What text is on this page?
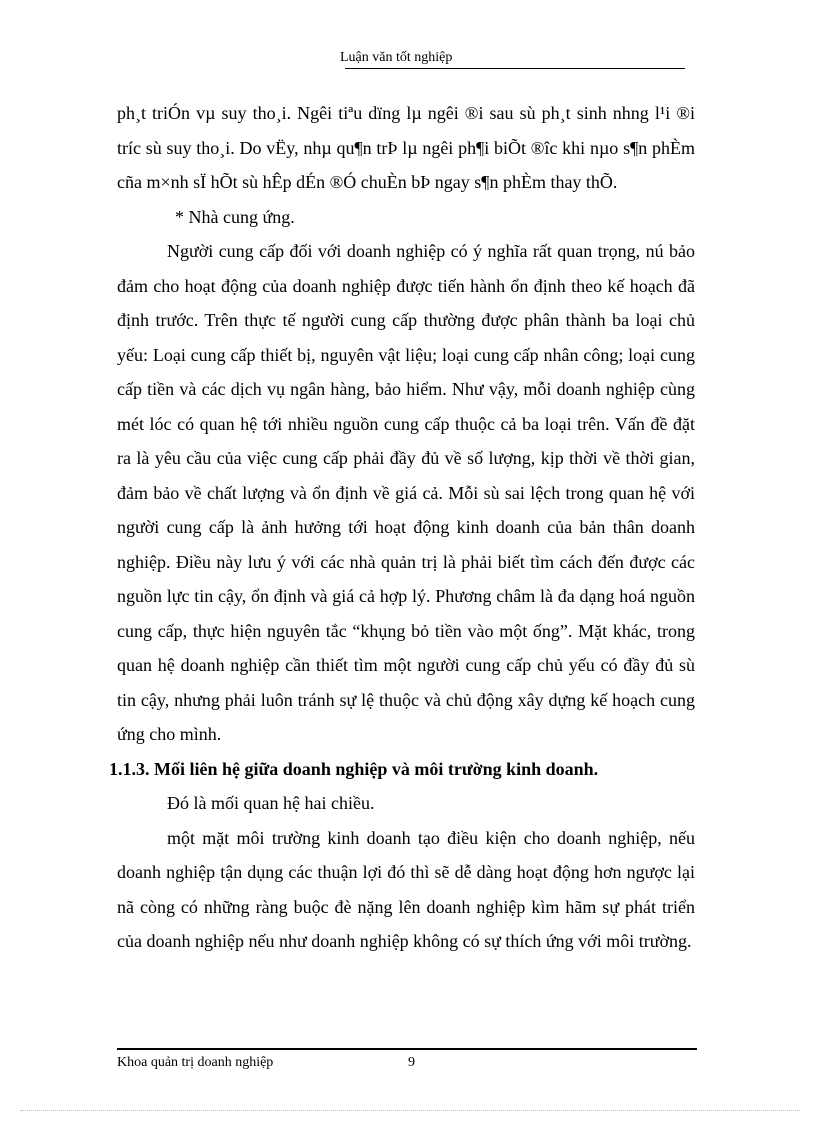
Luận văn tốt nghiệp

ph¸t triÓn vµ suy tho¸i. Ngêi tiªu dïng lµ ngêi ®i sau sù ph¸t sinh nhng l¹i ®i tríc sù suy tho¸i. Do vËy, nhµ qu¶n trÞ lµ ngêi ph¶i biÕt ®îc khi nµo s¶n phÈm cña m×nh sÏ hÕt sù hÊp dÉn ®Ó chuÈn bÞ ngay s¶n phÈm thay thÕ.

* Nhà cung ứng.

Người cung cấp đối với doanh nghiệp có ý nghĩa rất quan trọng, nú bảo đảm cho hoạt động của doanh nghiệp được tiến hành ổn định theo kế hoạch đã định trước. Trên thực tế người cung cấp thường được phân thành ba loại chủ yếu: Loại cung cấp thiết bị, nguyên vật liệu; loại cung cấp nhân công; loại cung cấp tiền và các dịch vụ ngân hàng, bảo hiểm. Như vậy, mỗi doanh nghiệp cùng mét lóc có quan hệ tới nhiều nguồn cung cấp thuộc cả ba loại trên. Vấn đề đặt ra là yêu cầu của việc cung cấp phải đầy đủ về số lượng, kịp thời về thời gian, đảm bảo về chất lượng và ổn định về giá cả. Mỗi sù sai lệch trong quan hệ với người cung cấp là ảnh hưởng tới hoạt động kinh doanh của bản thân doanh nghiệp. Điều này lưu ý với các nhà quản trị là phải biết tìm cách đến được các nguồn lực tin cậy, ổn định và giá cả hợp lý. Phương châm là đa dạng hoá nguồn cung cấp, thực hiện nguyên tắc “khụng bỏ tiền vào một ống”. Mặt khác, trong quan hệ doanh nghiệp cần thiết tìm một người cung cấp chủ yếu có đầy đủ sù tin cậy, nhưng phải luôn tránh sự lệ thuộc và chủ động xây dựng kế hoạch cung ứng cho mình.

1.1.3. Mối liên hệ giữa doanh nghiệp và môi trường kinh doanh.

Đó là mối quan hệ hai chiều.

một mặt môi trường kinh doanh tạo điều kiện cho doanh nghiệp, nếu doanh nghiệp tận dụng các thuận lợi đó thì sẽ dễ dàng hoạt động hơn ngược lại nã còng có những ràng buộc đè nặng lên doanh nghiệp kìm hãm sự phát triển của doanh nghiệp nếu như doanh nghiệp không có sự thích ứng với môi trường.

Khoa quản trị doanh nghiệp	9
